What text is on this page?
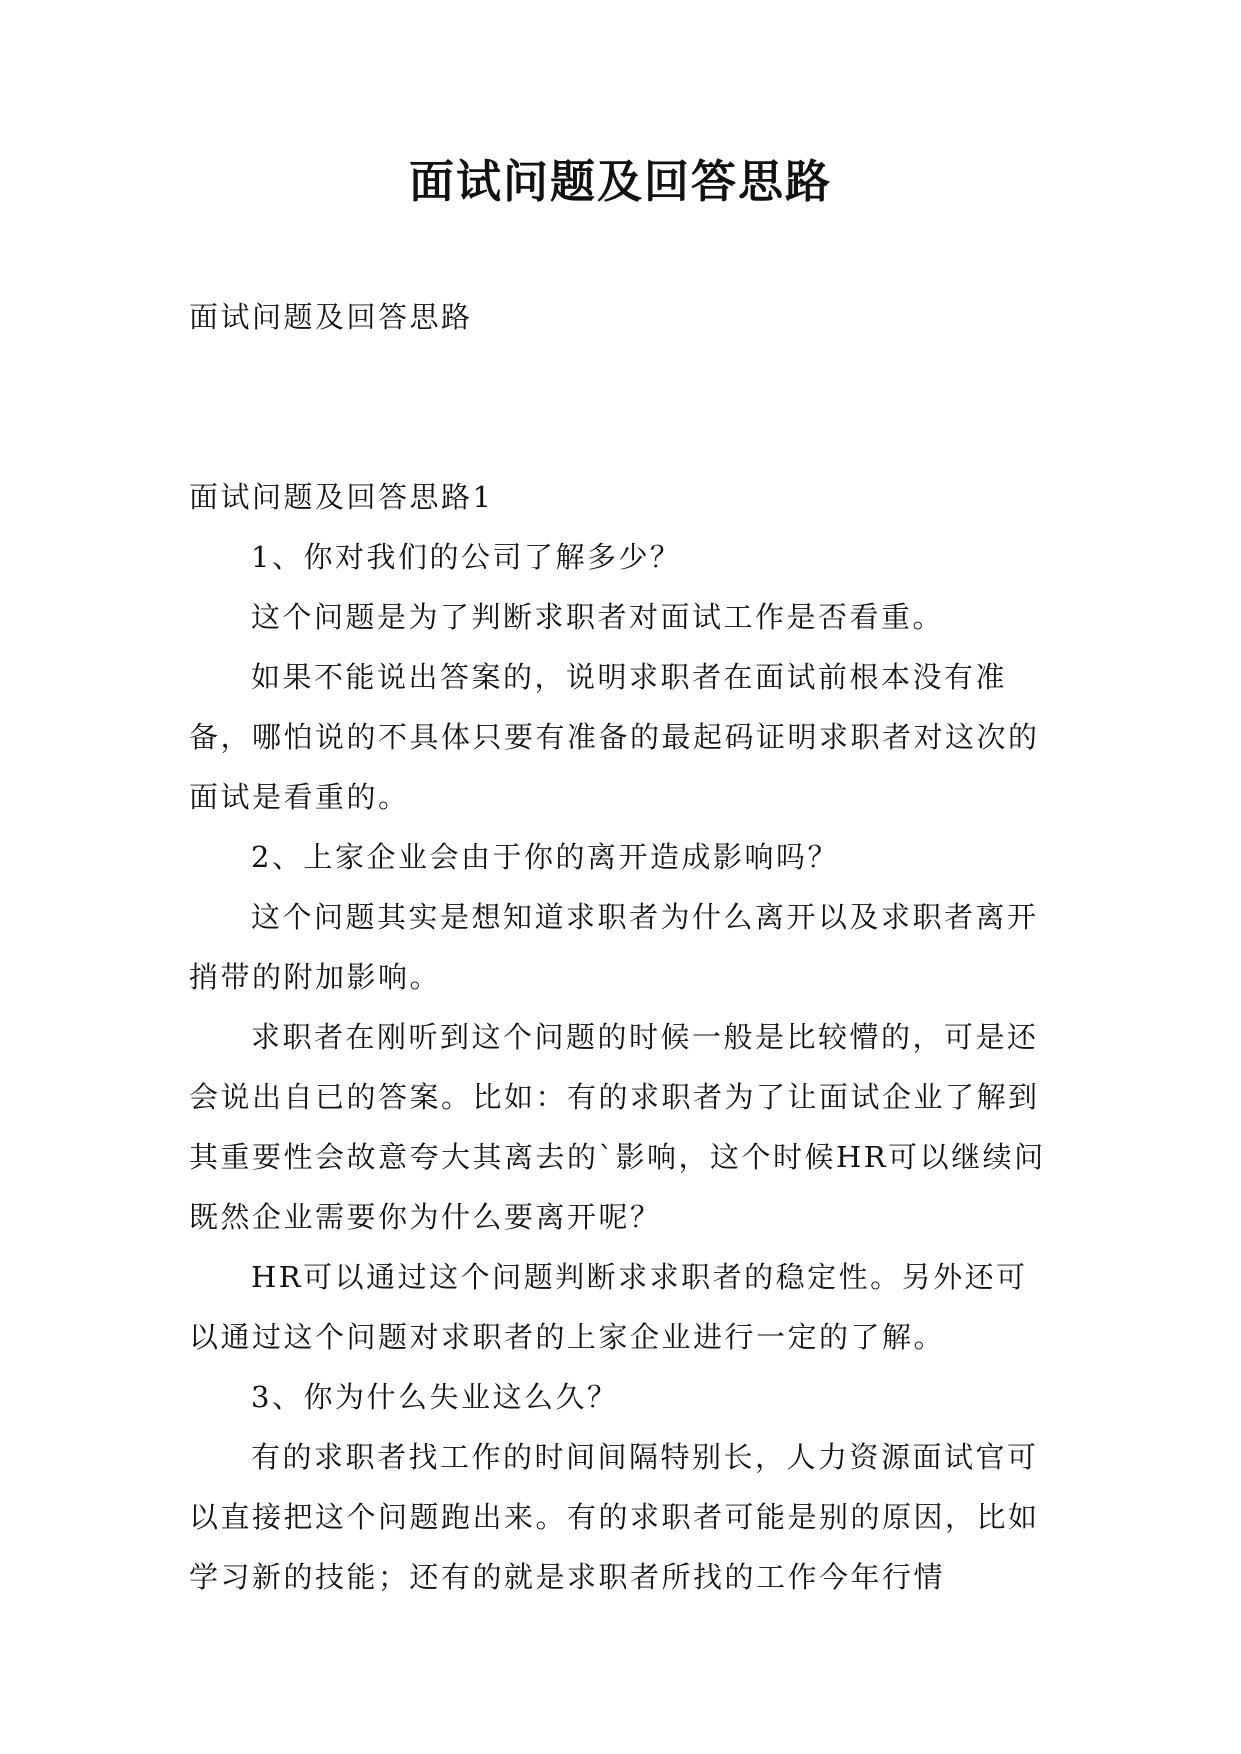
面试问题及回答思路

面试问题及回答思路

面试问题及回答思路1

1、你对我们的公司了解多少？

这个问题是为了判断求职者对面试工作是否看重。

如果不能说出答案的，说明求职者在面试前根本没有准备，哪怕说的不具体只要有准备的最起码证明求职者对这次的面试是看重的。

2、上家企业会由于你的离开造成影响吗？

这个问题其实是想知道求职者为什么离开以及求职者离开捎带的附加影响。

求职者在刚听到这个问题的时候一般是比较懵的，可是还会说出自已的答案。比如：有的求职者为了让面试企业了解到其重要性会故意夸大其离去的`影响，这个时候HR可以继续问既然企业需要你为什么要离开呢？

HR可以通过这个问题判断求求职者的稳定性。另外还可以通过这个问题对求职者的上家企业进行一定的了解。

3、你为什么失业这么久？

有的求职者找工作的时间间隔特别长，人力资源面试官可以直接把这个问题跑出来。有的求职者可能是别的原因，比如学习新的技能；还有的就是求职者所找的工作今年行情
